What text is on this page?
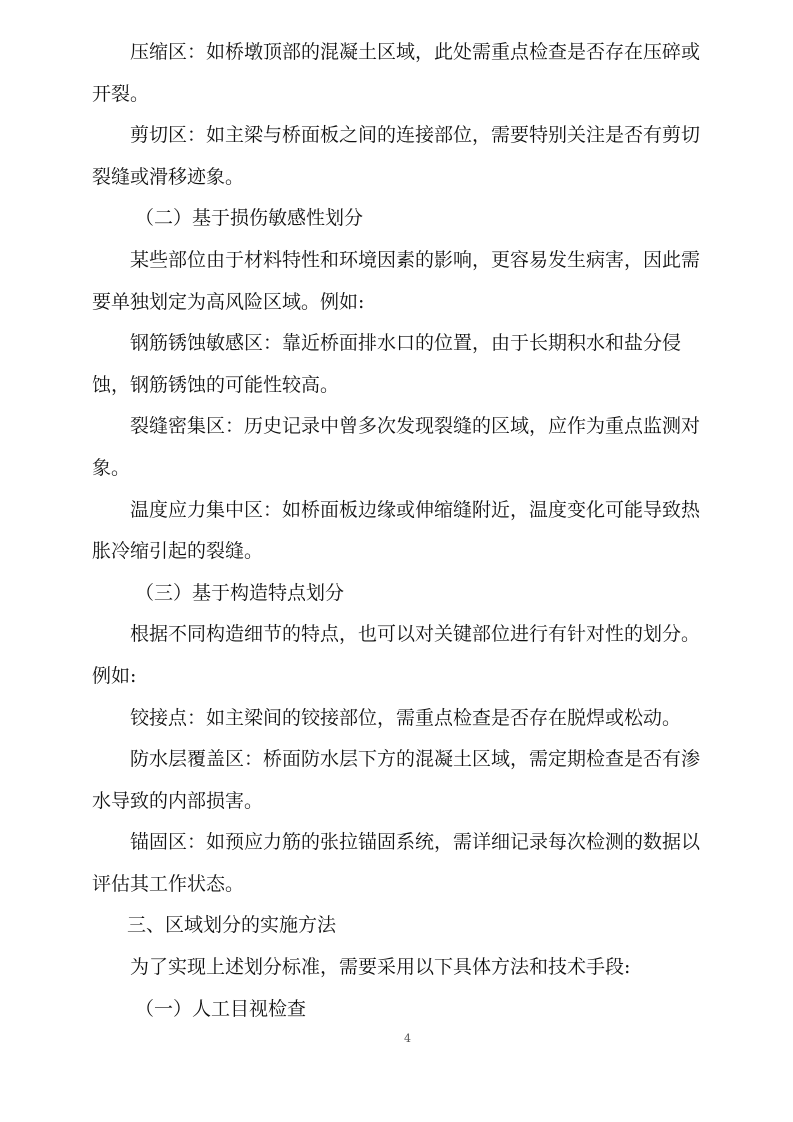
压缩区：如桥墩顶部的混凝土区域，此处需重点检查是否存在压碎或开裂。

剪切区：如主梁与桥面板之间的连接部位，需要特别关注是否有剪切裂缝或滑移迹象。

（二）基于损伤敏感性划分

某些部位由于材料特性和环境因素的影响，更容易发生病害，因此需要单独划定为高风险区域。例如:

钢筋锈蚀敏感区：靠近桥面排水口的位置，由于长期积水和盐分侵蚀，钢筋锈蚀的可能性较高。

裂缝密集区：历史记录中曾多次发现裂缝的区域，应作为重点监测对象。

温度应力集中区：如桥面板边缘或伸缩缝附近，温度变化可能导致热胀冷缩引起的裂缝。

（三）基于构造特点划分

根据不同构造细节的特点，也可以对关键部位进行有针对性的划分。例如:

铰接点：如主梁间的铰接部位，需重点检查是否存在脱焊或松动。

防水层覆盖区：桥面防水层下方的混凝土区域，需定期检查是否有渗水导致的内部损害。

锚固区：如预应力筋的张拉锚固系统，需详细记录每次检测的数据以评估其工作状态。

三、区域划分的实施方法

为了实现上述划分标准，需要采用以下具体方法和技术手段:

（一）人工目视检查

4
